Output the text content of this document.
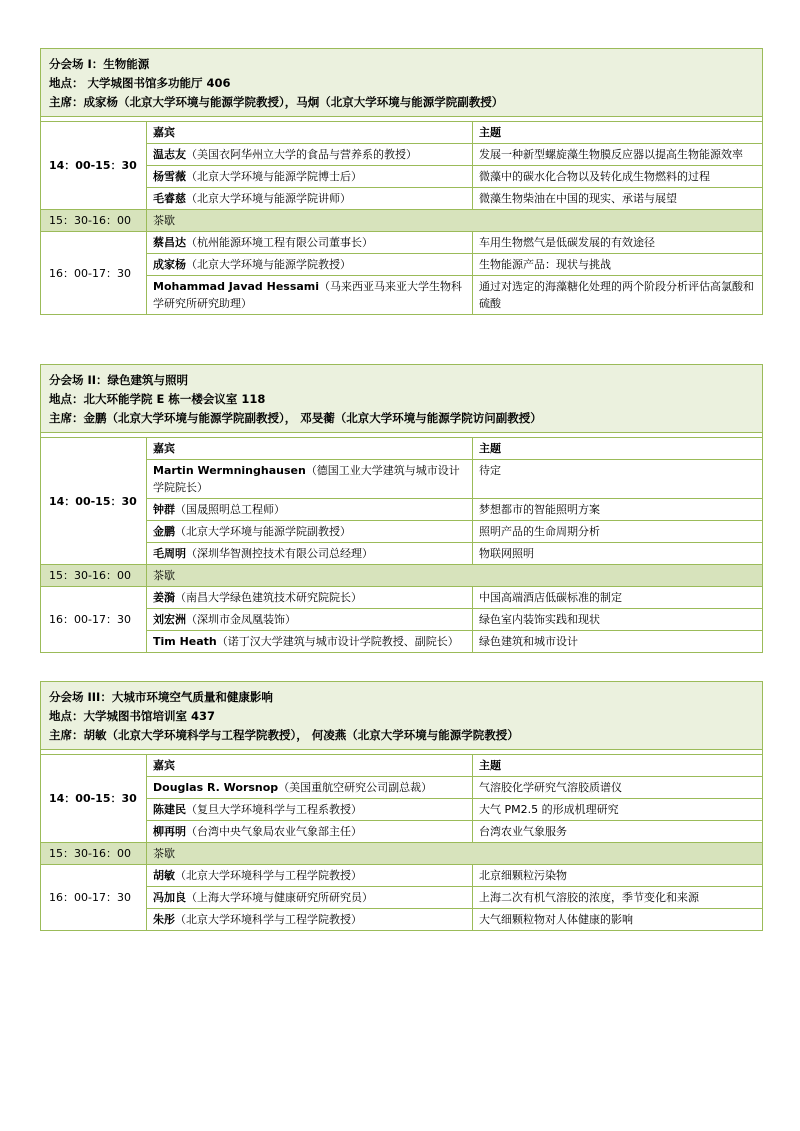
分会场 I：生物能源
地点： 大学城图书馆多功能厅 406
主席：成家杨（北京大学环境与能源学院教授），马炯（北京大学环境与能源学院副教授）		

14：00-15：30	嘉宾	主题
	温志友（美国衣阿华州立大学的食品与营养系的教授）	发展一种新型螺旋藻生物膜反应器以提高生物能源效率
	杨雪薇（北京大学环境与能源学院博士后）	微藻中的碳水化合物以及转化成生物燃料的过程
	毛睿慈（北京大学环境与能源学院讲师）	微藻生物柴油在中国的现实、承诺与展望
15：30-16：00	茶歇	
16：00-17：30	蔡昌达（杭州能源环境工程有限公司董事长）	车用生物燃气是低碳发展的有效途径
	成家杨（北京大学环境与能源学院教授）	生物能源产品：现状与挑战
	Mohammad Javad Hessami（马来西亚马来亚大学生物科学研究所研究助理）	通过对选定的海藻糖化处理的两个阶段分析评估高氯酸和硫酸
分会场 II：绿色建筑与照明
地点：北大环能学院 E 栋一楼会议室 118
主席：金鹏（北京大学环境与能源学院副教授）， 邓旻蘅（北京大学环境与能源学院访问副教授）		

14：00-15：30	嘉宾	主题
	Martin Wermninghausen（德国工业大学建筑与城市设计学院院长）	待定
	钟群（国晟照明总工程师）	梦想都市的智能照明方案
	金鹏（北京大学环境与能源学院副教授）	照明产品的生命周期分析
	毛周明（深圳华智测控技术有限公司总经理）	物联网照明
15：30-16：00	茶歇	
16：00-17：30	姜漪（南昌大学绿色建筑技术研究院院长）	中国高端酒店低碳标准的制定
	刘宏洲（深圳市金凤凰装饰）	绿色室内装饰实践和现状
	Tim Heath（诺丁汉大学建筑与城市设计学院教授、副院长）	绿色建筑和城市设计
分会场 III：大城市环境空气质量和健康影响
地点：大学城图书馆培训室 437
主席：胡敏（北京大学环境科学与工程学院教授）， 何凌燕（北京大学环境与能源学院教授）		

14：00-15：30	嘉宾	主题
	Douglas R. Worsnop（美国重航空研究公司副总裁）	气溶胶化学研究气溶胶质谱仪
	陈建民（复旦大学环境科学与工程系教授）	大气 PM2.5 的形成机理研究
	柳再明（台湾中央气象局农业气象部主任）	台湾农业气象服务
15：30-16：00	茶歇	
16：00-17：30	胡敏（北京大学环境科学与工程学院教授）	北京细颗粒污染物
	冯加良（上海大学环境与健康研究所研究员）	上海二次有机气溶胶的浓度，季节变化和来源
	朱彤（北京大学环境科学与工程学院教授）	大气细颗粒物对人体健康的影响
